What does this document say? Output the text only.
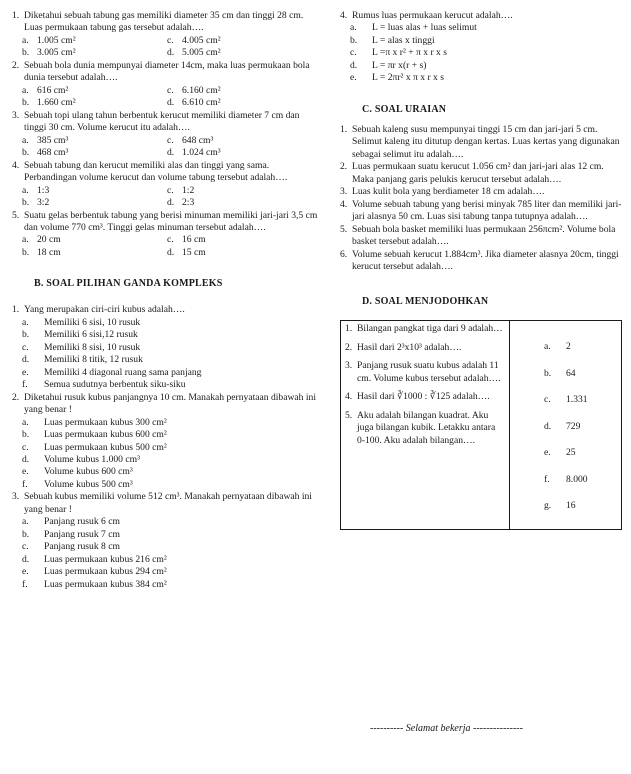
1. Diketahui sebuah tabung gas memiliki diameter 35 cm dan tinggi 28 cm. Luas permukaan tabung gas tersebut adalah….
a. 1.005 cm²	c. 4.005 cm²
b. 3.005 cm²	d. 5.005 cm²
2. Sebuah bola dunia mempunyai diameter 14cm, maka luas permukaan bola dunia tersebut adalah….
a. 616 cm²	c. 6.160 cm²
b. 1.660 cm²	d. 6.610 cm²
3. Sebuah topi ulang tahun berbentuk kerucut memiliki diameter 7 cm dan tinggi 30 cm. Volume kerucut itu adalah….
a. 385 cm³	c. 648 cm³
b. 468 cm³	d. 1.024 cm³
4. Sebuah tabung dan kerucut memiliki alas dan tinggi yang sama. Perbandingan volume kerucut dan volume tabung tersebut adalah….
a. 1:3	c. 1:2
b. 3:2	d. 2:3
5. Suatu gelas berbentuk tabung yang berisi minuman memiliki jari-jari 3,5 cm dan volume 770 cm³. Tinggi gelas minuman tersebut adalah….
a. 20 cm	c. 16 cm
b. 18 cm	d. 15 cm
B. SOAL PILIHAN GANDA KOMPLEKS
1. Yang merupakan ciri-ciri kubus adalah….
a.	Memiliki 6 sisi, 10 rusuk
b.	Memiliki 6 sisi,12 rusuk
c.	Memiliki 8 sisi, 10 rusuk
d.	Memiliki 8 titik, 12 rusuk
e.	Memiliki 4 diagonal ruang sama panjang
f.	Semua sudutnya berbentuk siku-siku
2. Diketahui rusuk kubus panjangnya 10 cm. Manakah pernyataan dibawah ini yang benar !
a.	Luas permukaan kubus 300 cm²
b.	Luas permukaan kubus 600 cm²
c.	Luas permukaan kubus 500 cm²
d.	Volume kubus 1.000 cm³
e.	Volume kubus 600 cm³
f.	Volume kubus 500 cm³
3. Sebuah kubus memiliki volume 512 cm³. Manakah pernyataan dibawah ini yang benar !
a.	Panjang rusuk 6 cm
b.	Panjang rusuk 7 cm
c.	Panjang rusuk 8 cm
d.	Luas permukaan kubus 216 cm²
e.	Luas permukaan kubus 294 cm²
f.	Luas permukaan kubus 384 cm²
4. Rumus luas permukaan kerucut adalah….
a.	L = luas alas + luas selimut
b.	L = alas x tinggi
c.	L =π x r² + π x r x s
d.	L = πr x(r + s)
e.	L = 2πr² x π x r x s
C. SOAL URAIAN
1. Sebuah kaleng susu mempunyai tinggi 15 cm dan jari-jari 5 cm. Selimut kaleng itu ditutup dengan kertas. Luas kertas yang digunakan sebagai selimut itu adalah….
2. Luas permukaan suatu kerucut 1.056 cm² dan jari-jari alas 12 cm. Maka panjang garis pelukis kerucut tersebut adalah….
3. Luas kulit bola yang berdiameter 18 cm adalah….
4. Volume sebuah tabung yang berisi minyak 785 liter dan memiliki jari-jari alasnya 50 cm. Luas sisi tabung tanpa tutupnya adalah….
5. Sebuah bola basket memiliki luas permukaan 256πcm². Volume bola basket tersebut adalah….
6. Volume sebuah kerucut 1.884cm³. Jika diameter alasnya 20cm, tinggi kerucut tersebut adalah….
D. SOAL MENJODOHKAN
1. Bilangan pangkat tiga dari 9 adalah…
2. Hasil dari 2³x10³ adalah….
3. Panjang rusuk suatu kubus adalah 11 cm. Volume kubus tersebut adalah….
4. Hasil dari ∛1000 : ∛125 adalah….
5. Aku adalah bilangan kuadrat. Aku juga bilangan kubik. Letakku antara 0-100. Aku adalah bilangan….
a.	2
b.	64
c.	1.331
d.	729
e.	25
f.	8.000
g.	16
---------- Selamat bekerja ---------------
